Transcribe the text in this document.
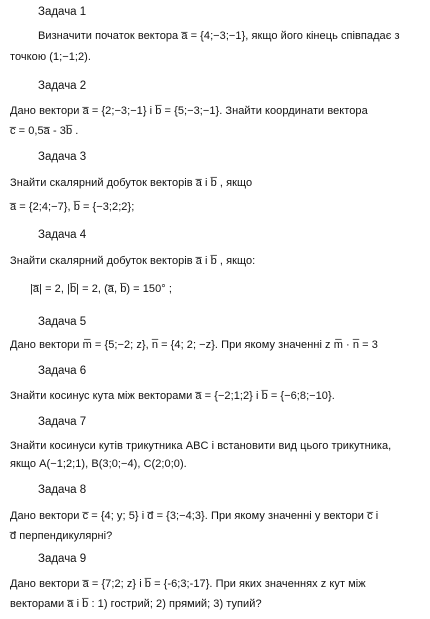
Задача 1
Визначити початок вектора a̅ = {4;−3;−1}, якщо його кінець співпадає з
точкою (1;−1;2).
Задача 2
Дано вектори a̅ = {2;−3;−1} і b̅ = {5;−3;−1}. Знайти координати вектора
c̅ = 0,5a̅ - 3b̅ .
Задача 3
Знайти скалярний добуток векторів a̅ і b̅ , якщо
a̅ = {2;4;−7}, b̅ = {−3;2;2};
Задача 4
Знайти скалярний добуток векторів a̅ і b̅ , якщо:
|a̅| = 2, |b̅| = 2, (a̅, b̅) = 150° ;
Задача 5
Дано вектори m̅ = {5;−2; z}, n̅ = {4; 2; −z}. При якому значенні z m̅ · n̅ = 3
Задача 6
Знайти косинус кута між векторами a̅ = {−2;1;2} і b̅ = {−6;8;−10}.
Задача 7
Знайти косинуси кутів трикутника ABC і встановити вид цього трикутника,
якщо A(−1;2;1), B(3;0;−4), C(2;0;0).
Задача 8
Дано вектори c̅ = {4; y; 5} і d̅ = {3;−4;3}. При якому значенні y вектори c̅ і
d̅ перпендикулярні?
Задача 9
Дано вектори a̅ = {7;2; z} і b̅ = {-6;3;-17}. При яких значеннях z кут між
векторами a̅ і b̅ : 1) гострий; 2) прямий; 3) тупий?
